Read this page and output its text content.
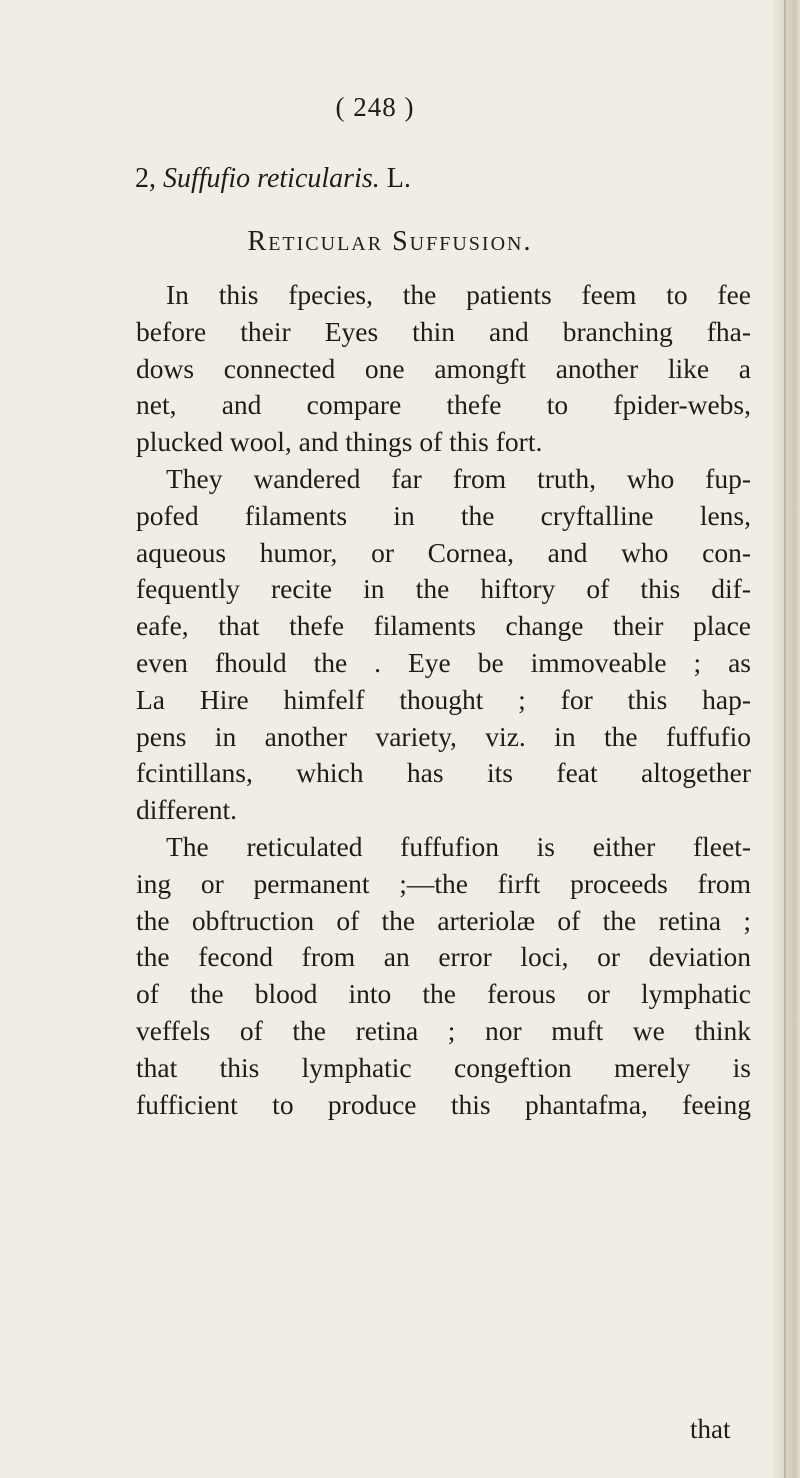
( 248 )
2, Suffufio reticularis. L.
Reticular Suffusion.
In this fpecies, the patients feem to fee
before their Eyes thin and branching fha-
dows connected one amongft another like a
net, and compare thefe to fpider-webs,
plucked wool, and things of this fort.
They wandered far from truth, who fup-
pofed filaments in the cryftalline lens,
aqueous humor, or Cornea, and who con-
fequently recite in the hiftory of this dif-
eafe, that thefe filaments change their place
even fhould the . Eye be immoveable ; as
La Hire himfelf thought ; for this hap-
pens in another variety, viz. in the fuffufio
fcintillans, which has its feat altogether
different.
The reticulated fuffufion is either fleet-
ing or permanent ;—the firft proceeds from
the obftruction of the arteriolæ of the retina ;
the fecond from an error loci, or deviation
of the blood into the ferous or lymphatic
veffels of the retina ; nor muft we think
that this lymphatic congeftion merely is
fufficient to produce this phantafma, feeing
that
